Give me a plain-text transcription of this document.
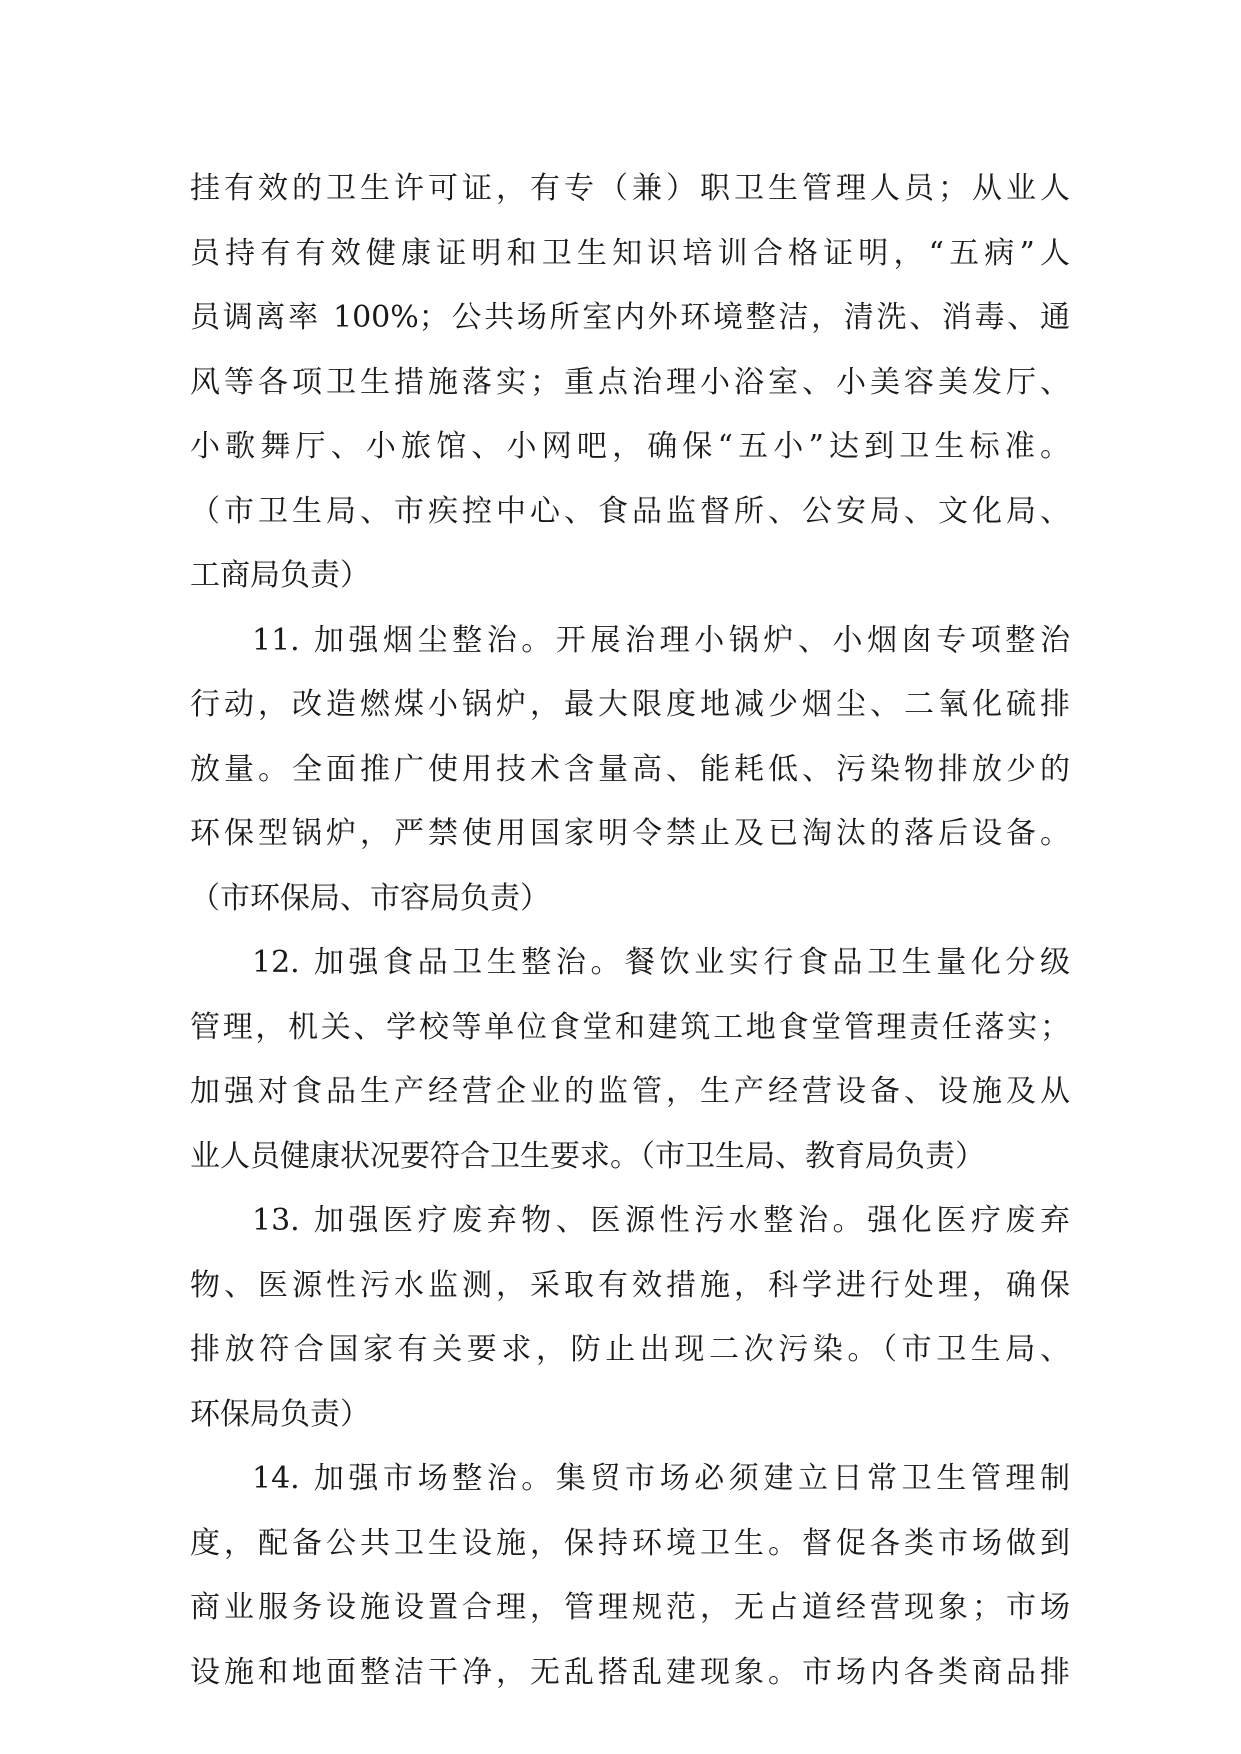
挂有效的卫生许可证，有专（兼）职卫生管理人员；从业人
员持有有效健康证明和卫生知识培训合格证明，“五病”人
员调离率 100%；公共场所室内外环境整洁，清洗、消毒、通
风等各项卫生措施落实；重点治理小浴室、小美容美发厅、
小歌舞厅、小旅馆、小网吧，确保“五小”达到卫生标准。
（市卫生局、市疾控中心、食品监督所、公安局、文化局、
工商局负责）
11. 加强烟尘整治。开展治理小锅炉、小烟囱专项整治
行动，改造燃煤小锅炉，最大限度地减少烟尘、二氧化硫排
放量。全面推广使用技术含量高、能耗低、污染物排放少的
环保型锅炉，严禁使用国家明令禁止及已淘汰的落后设备。
（市环保局、市容局负责）
12. 加强食品卫生整治。餐饮业实行食品卫生量化分级
管理，机关、学校等单位食堂和建筑工地食堂管理责任落实；
加强对食品生产经营企业的监管，生产经营设备、设施及从
业人员健康状况要符合卫生要求。（市卫生局、教育局负责）
13. 加强医疗废弃物、医源性污水整治。强化医疗废弃
物、医源性污水监测，采取有效措施，科学进行处理，确保
排放符合国家有关要求，防止出现二次污染。（市卫生局、
环保局负责）
14. 加强市场整治。集贸市场必须建立日常卫生管理制
度，配备公共卫生设施，保持环境卫生。督促各类市场做到
商业服务设施设置合理，管理规范，无占道经营现象；市场
设施和地面整洁干净，无乱搭乱建现象。市场内各类商品排
